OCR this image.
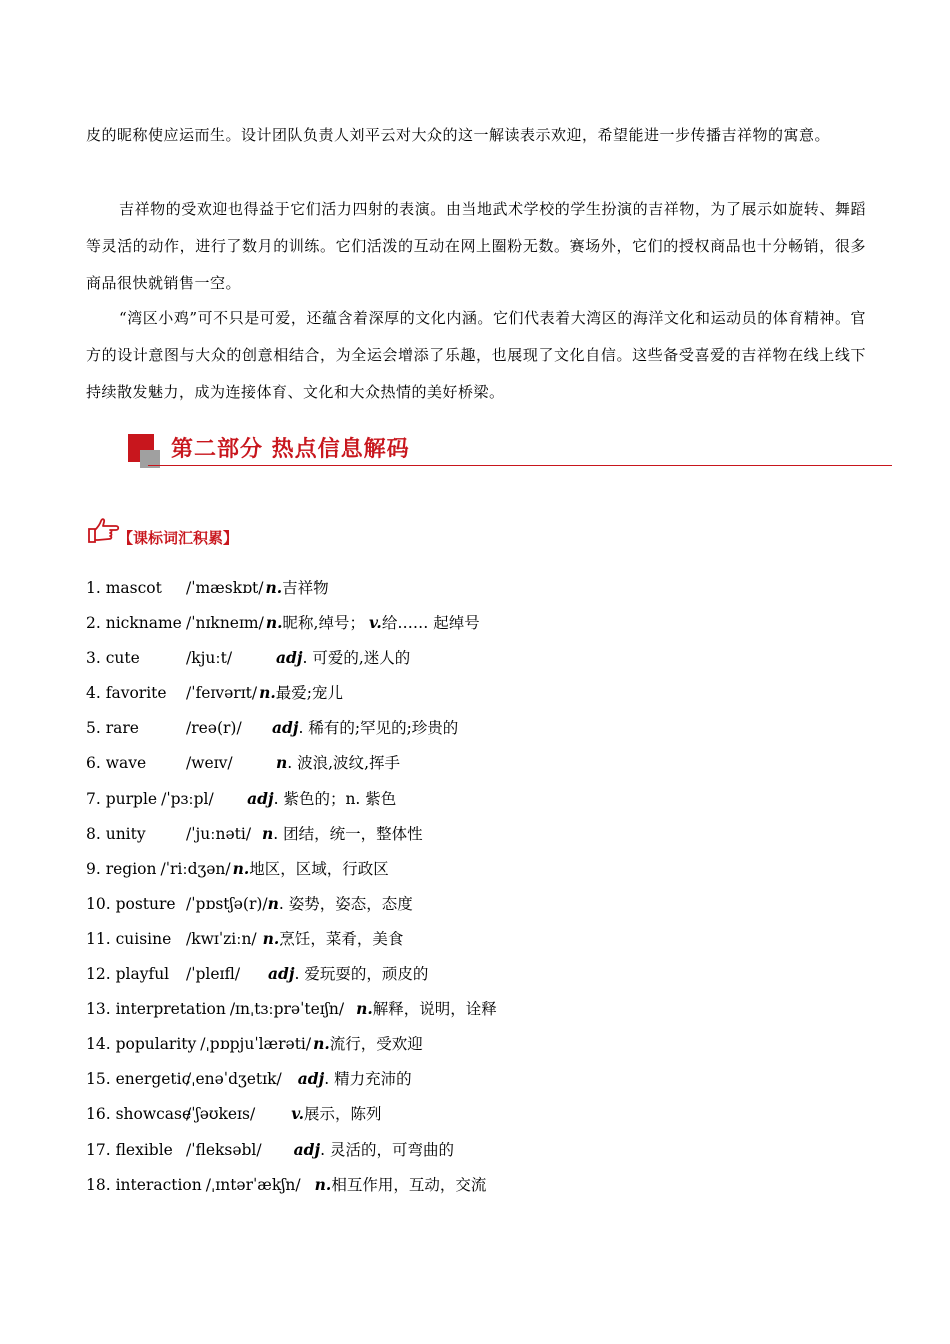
皮的昵称使应运而生。设计团队负责人刘平云对大众的这一解读表示欢迎，希望能进一步传播吉祥物的寓意。

吉祥物的受欢迎也得益于它们活力四射的表演。由当地武术学校的学生扮演的吉祥物，为了展示如旋转、舞蹈等灵活的动作，进行了数月的训练。它们活泼的互动在网上圈粉无数。赛场外，它们的授权商品也十分畅销，很多商品很快就销售一空。

“湾区小鸡”可不只是可爱，还蕴含着深厚的文化内涵。它们代表着大湾区的海洋文化和运动员的体育精神。官方的设计意图与大众的创意相结合，为全运会增添了乐趣，也展现了文化自信。这些备受喜爱的吉祥物在线上线下持续散发魅力，成为连接体育、文化和大众热情的美好桥梁。

第二部分 热点信息解码
【课标词汇积累】
1. mascot /ˈmæskɒt/ n.吉祥物
2. nickname /ˈnɪkneɪm/ n.昵称,绰号； v.给…… 起绰号
3. cute	/kjuːt/	adj. 可爱的,迷人的
4. favorite /ˈfeɪvərɪt/ n.最爱;宠儿
5. rare	/reə(r)/ adj. 稀有的;罕见的;珍贵的
6. wave	/weɪv/	n. 波浪,波纹,挥手
7. purple /ˈpɜːpl/ adj. 紫色的；n. 紫色
8. unity	/ˈjuːnəti/ n. 团结，统一，整体性
9. region /ˈriːdʒən/ n.地区，区域，行政区
10. posture /ˈpɒstʃə(r)/n. 姿势，姿态，态度
11. cuisine /kwɪˈziːn/ n.烹饪，菜肴，美食
12. playful /ˈpleɪfl/ adj. 爱玩耍的，顽皮的
13. interpretation /ɪnˌtɜːprəˈteɪʃn/ n.解释，说明，诠释
14. popularity /ˌpɒpjuˈlærəti/ n.流行，受欢迎
15. energetic/ˌenəˈdʒetɪk/ adj. 精力充沛的
16. showcase/ˈʃəʊkeɪs/ v.展示，陈列
17. flexible /ˈfleksəbl/ adj. 灵活的，可弯曲的
18. interaction /ˌɪntərˈækʃn/ n.相互作用，互动，交流
